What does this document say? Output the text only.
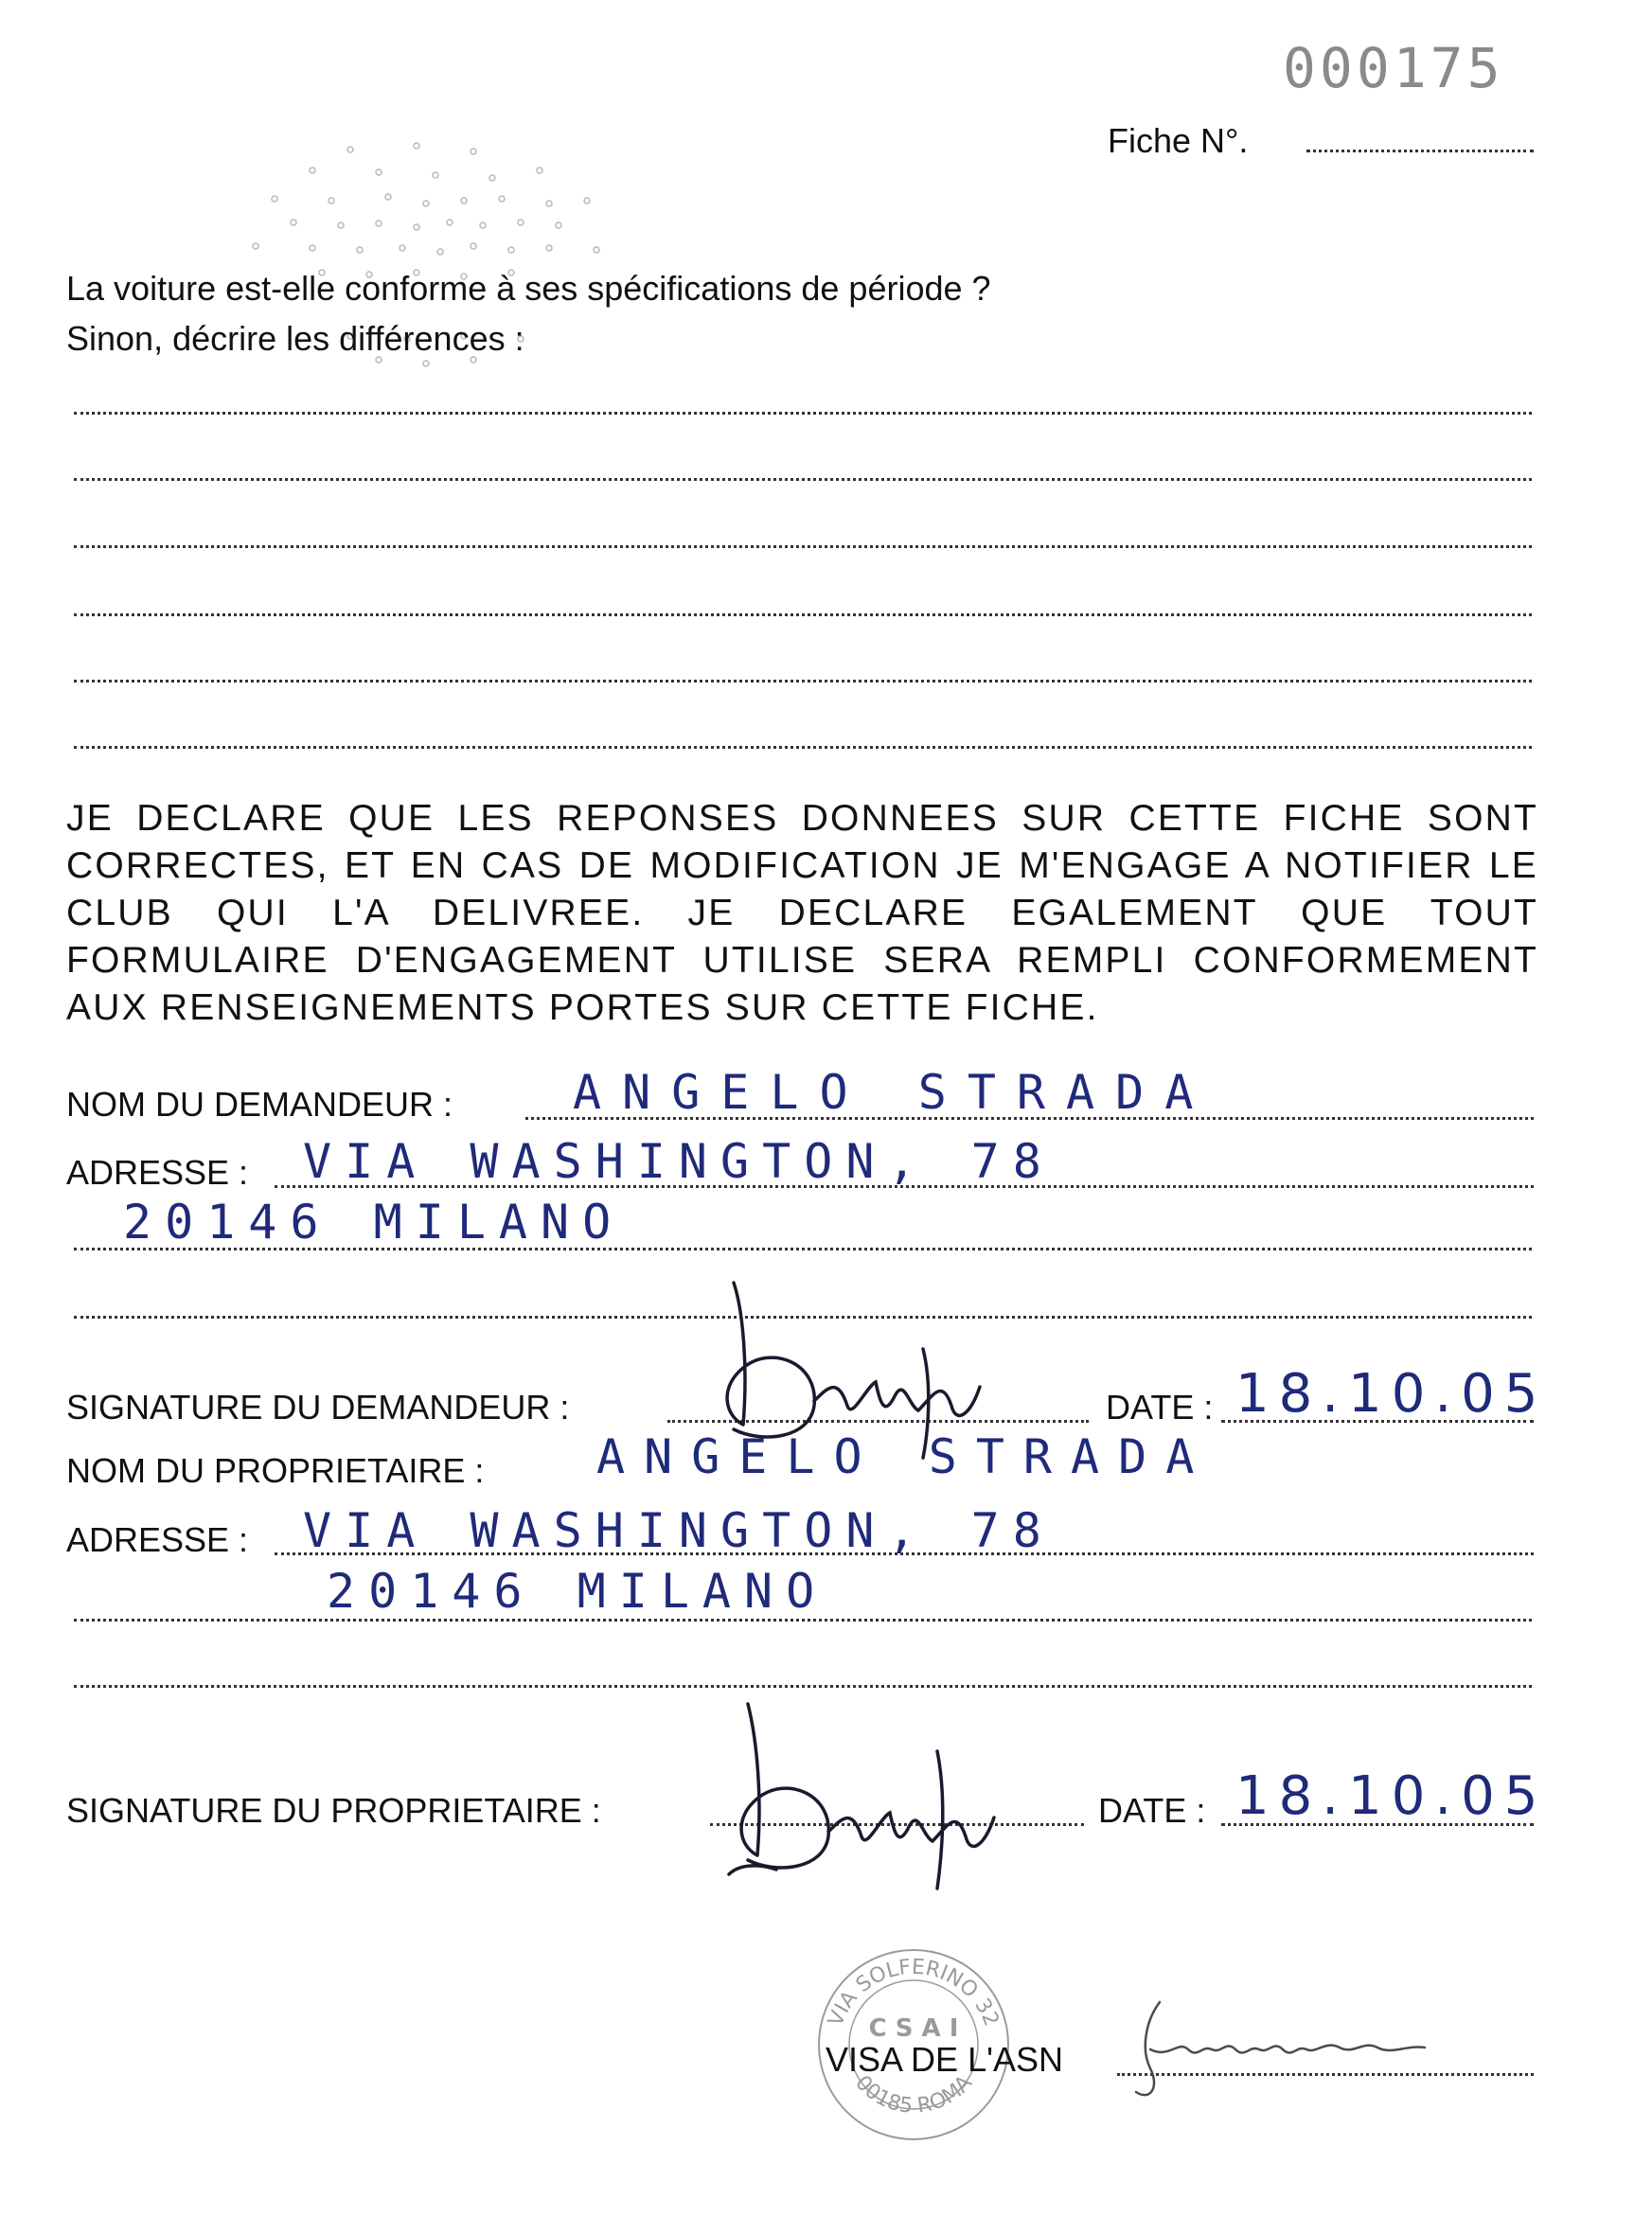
000175
Fiche N°.
La voiture est-elle conforme à ses spécifications de période ?
Sinon, décrire les différences :
JE DECLARE QUE LES REPONSES DONNEES SUR CETTE FICHE SONT CORRECTES, ET EN CAS DE MODIFICATION JE M'ENGAGE A NOTIFIER LE CLUB QUI L'A DELIVREE. JE DECLARE EGALEMENT QUE TOUT FORMULAIRE D'ENGAGEMENT UTILISE SERA REMPLI CONFORMEMENT AUX RENSEIGNEMENTS PORTES SUR CETTE FICHE.
NOM DU DEMANDEUR :	ANGELO STRADA
ADRESSE : VIA WASHINGTON, 78
20146 MILANO
SIGNATURE DU DEMANDEUR :	DATE : 18.10.05
NOM DU PROPRIETAIRE : ANGELO STRADA
ADRESSE : VIA WASHINGTON, 78
20146 MILANO
SIGNATURE DU PROPRIETAIRE :	DATE : 18.10.05
VIA SOLFERINO 32
00185 ROMA
C S A I
VISA DE L'ASN
